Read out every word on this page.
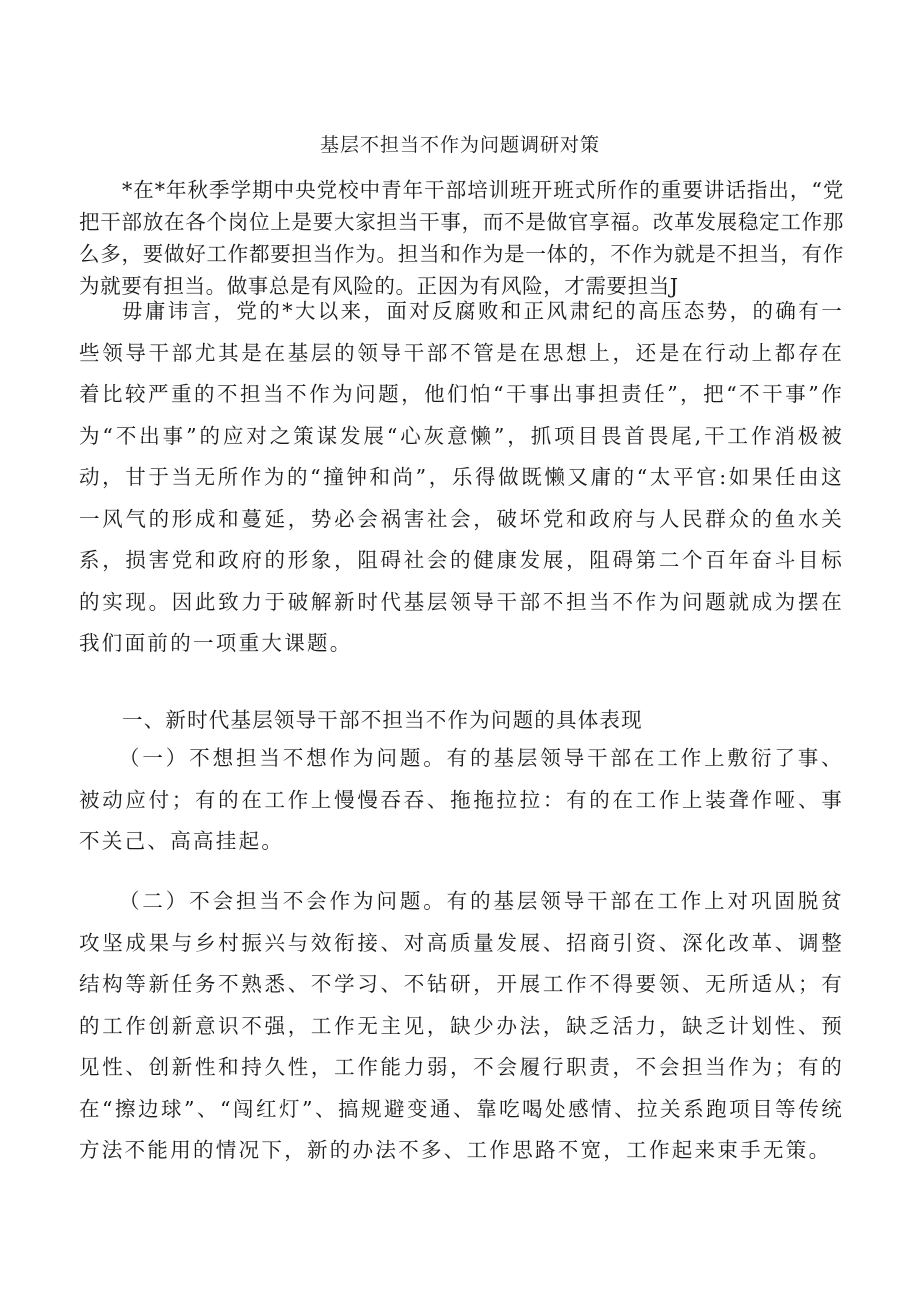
基层不担当不作为问题调研对策

*在*年秋季学期中央党校中青年干部培训班开班式所作的重要讲话指出，“党把干部放在各个岗位上是要大家担当干事，而不是做官享福。改革发展稳定工作那么多，要做好工作都要担当作为。担当和作为是一体的，不作为就是不担当，有作为就要有担当。做事总是有风险的。正因为有风险，才需要担当J

毋庸讳言，党的*大以来，面对反腐败和正风肃纪的高压态势，的确有一些领导干部尤其是在基层的领导干部不管是在思想上，还是在行动上都存在着比较严重的不担当不作为问题，他们怕“干事出事担责任”，把“不干事”作为“不出事”的应对之策谋发展“心灰意懒”，抓项目畏首畏尾,干工作消极被动，甘于当无所作为的“撞钟和尚”，乐得做既懒又庸的“太平官:如果任由这一风气的形成和蔓延，势必会祸害社会，破坏党和政府与人民群众的鱼水关系，损害党和政府的形象，阻碍社会的健康发展，阻碍第二个百年奋斗目标的实现。因此致力于破解新时代基层领导干部不担当不作为问题就成为摆在我们面前的一项重大课题。

一、新时代基层领导干部不担当不作为问题的具体表现

（一）不想担当不想作为问题。有的基层领导干部在工作上敷衍了事、被动应付；有的在工作上慢慢吞吞、拖拖拉拉：有的在工作上装聋作哑、事不关己、高高挂起。

（二）不会担当不会作为问题。有的基层领导干部在工作上对巩固脱贫攻坚成果与乡村振兴与效衔接、对高质量发展、招商引资、深化改革、调整结构等新任务不熟悉、不学习、不钻研，开展工作不得要领、无所适从；有的工作创新意识不强，工作无主见，缺少办法，缺乏活力，缺乏计划性、预见性、创新性和持久性，工作能力弱，不会履行职责，不会担当作为；有的在“擦边球”、“闯红灯”、搞规避变通、靠吃喝处感情、拉关系跑项目等传统方法不能用的情况下，新的办法不多、工作思路不宽，工作起来束手无策。
